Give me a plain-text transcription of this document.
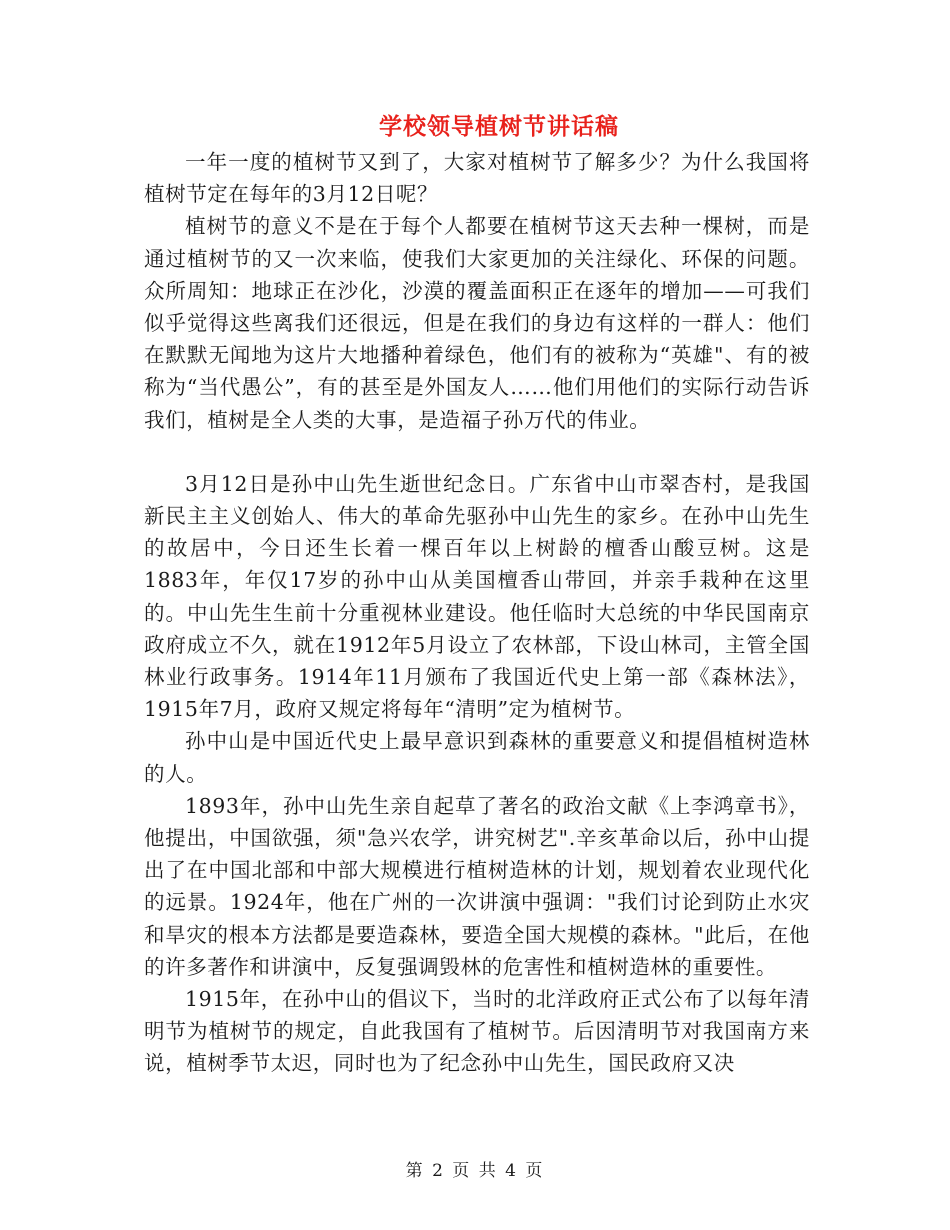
学校领导植树节讲话稿

一年一度的植树节又到了，大家对植树节了解多少？为什么我国将植树节定在每年的3月12日呢？

植树节的意义不是在于每个人都要在植树节这天去种一棵树，而是通过植树节的又一次来临，使我们大家更加的关注绿化、环保的问题。众所周知：地球正在沙化，沙漠的覆盖面积正在逐年的增加——可我们似乎觉得这些离我们还很远，但是在我们的身边有这样的一群人：他们在默默无闻地为这片大地播种着绿色，他们有的被称为“英雄"、有的被称为“当代愚公”，有的甚至是外国友人……他们用他们的实际行动告诉我们，植树是全人类的大事，是造福子孙万代的伟业。

3月12日是孙中山先生逝世纪念日。广东省中山市翠杏村，是我国新民主主义创始人、伟大的革命先驱孙中山先生的家乡。在孙中山先生的故居中，今日还生长着一棵百年以上树龄的檀香山酸豆树。这是1883年，年仅17岁的孙中山从美国檀香山带回，并亲手栽种在这里的。中山先生生前十分重视林业建设。他任临时大总统的中华民国南京政府成立不久，就在1912年5月设立了农林部，下设山林司，主管全国林业行政事务。1914年11月颁布了我国近代史上第一部《森林法》，1915年7月，政府又规定将每年“清明”定为植树节。

孙中山是中国近代史上最早意识到森林的重要意义和提倡植树造林的人。

1893年，孙中山先生亲自起草了著名的政治文献《上李鸿章书》，他提出，中国欲强，须"急兴农学，讲究树艺".辛亥革命以后，孙中山提出了在中国北部和中部大规模进行植树造林的计划，规划着农业现代化的远景。1924年，他在广州的一次讲演中强调："我们讨论到防止水灾和旱灾的根本方法都是要造森林，要造全国大规模的森林。"此后，在他的许多著作和讲演中，反复强调毁林的危害性和植树造林的重要性。

1915年，在孙中山的倡议下，当时的北洋政府正式公布了以每年清明节为植树节的规定，自此我国有了植树节。后因清明节对我国南方来说，植树季节太迟，同时也为了纪念孙中山先生，国民政府又决

第 2 页 共 4 页
